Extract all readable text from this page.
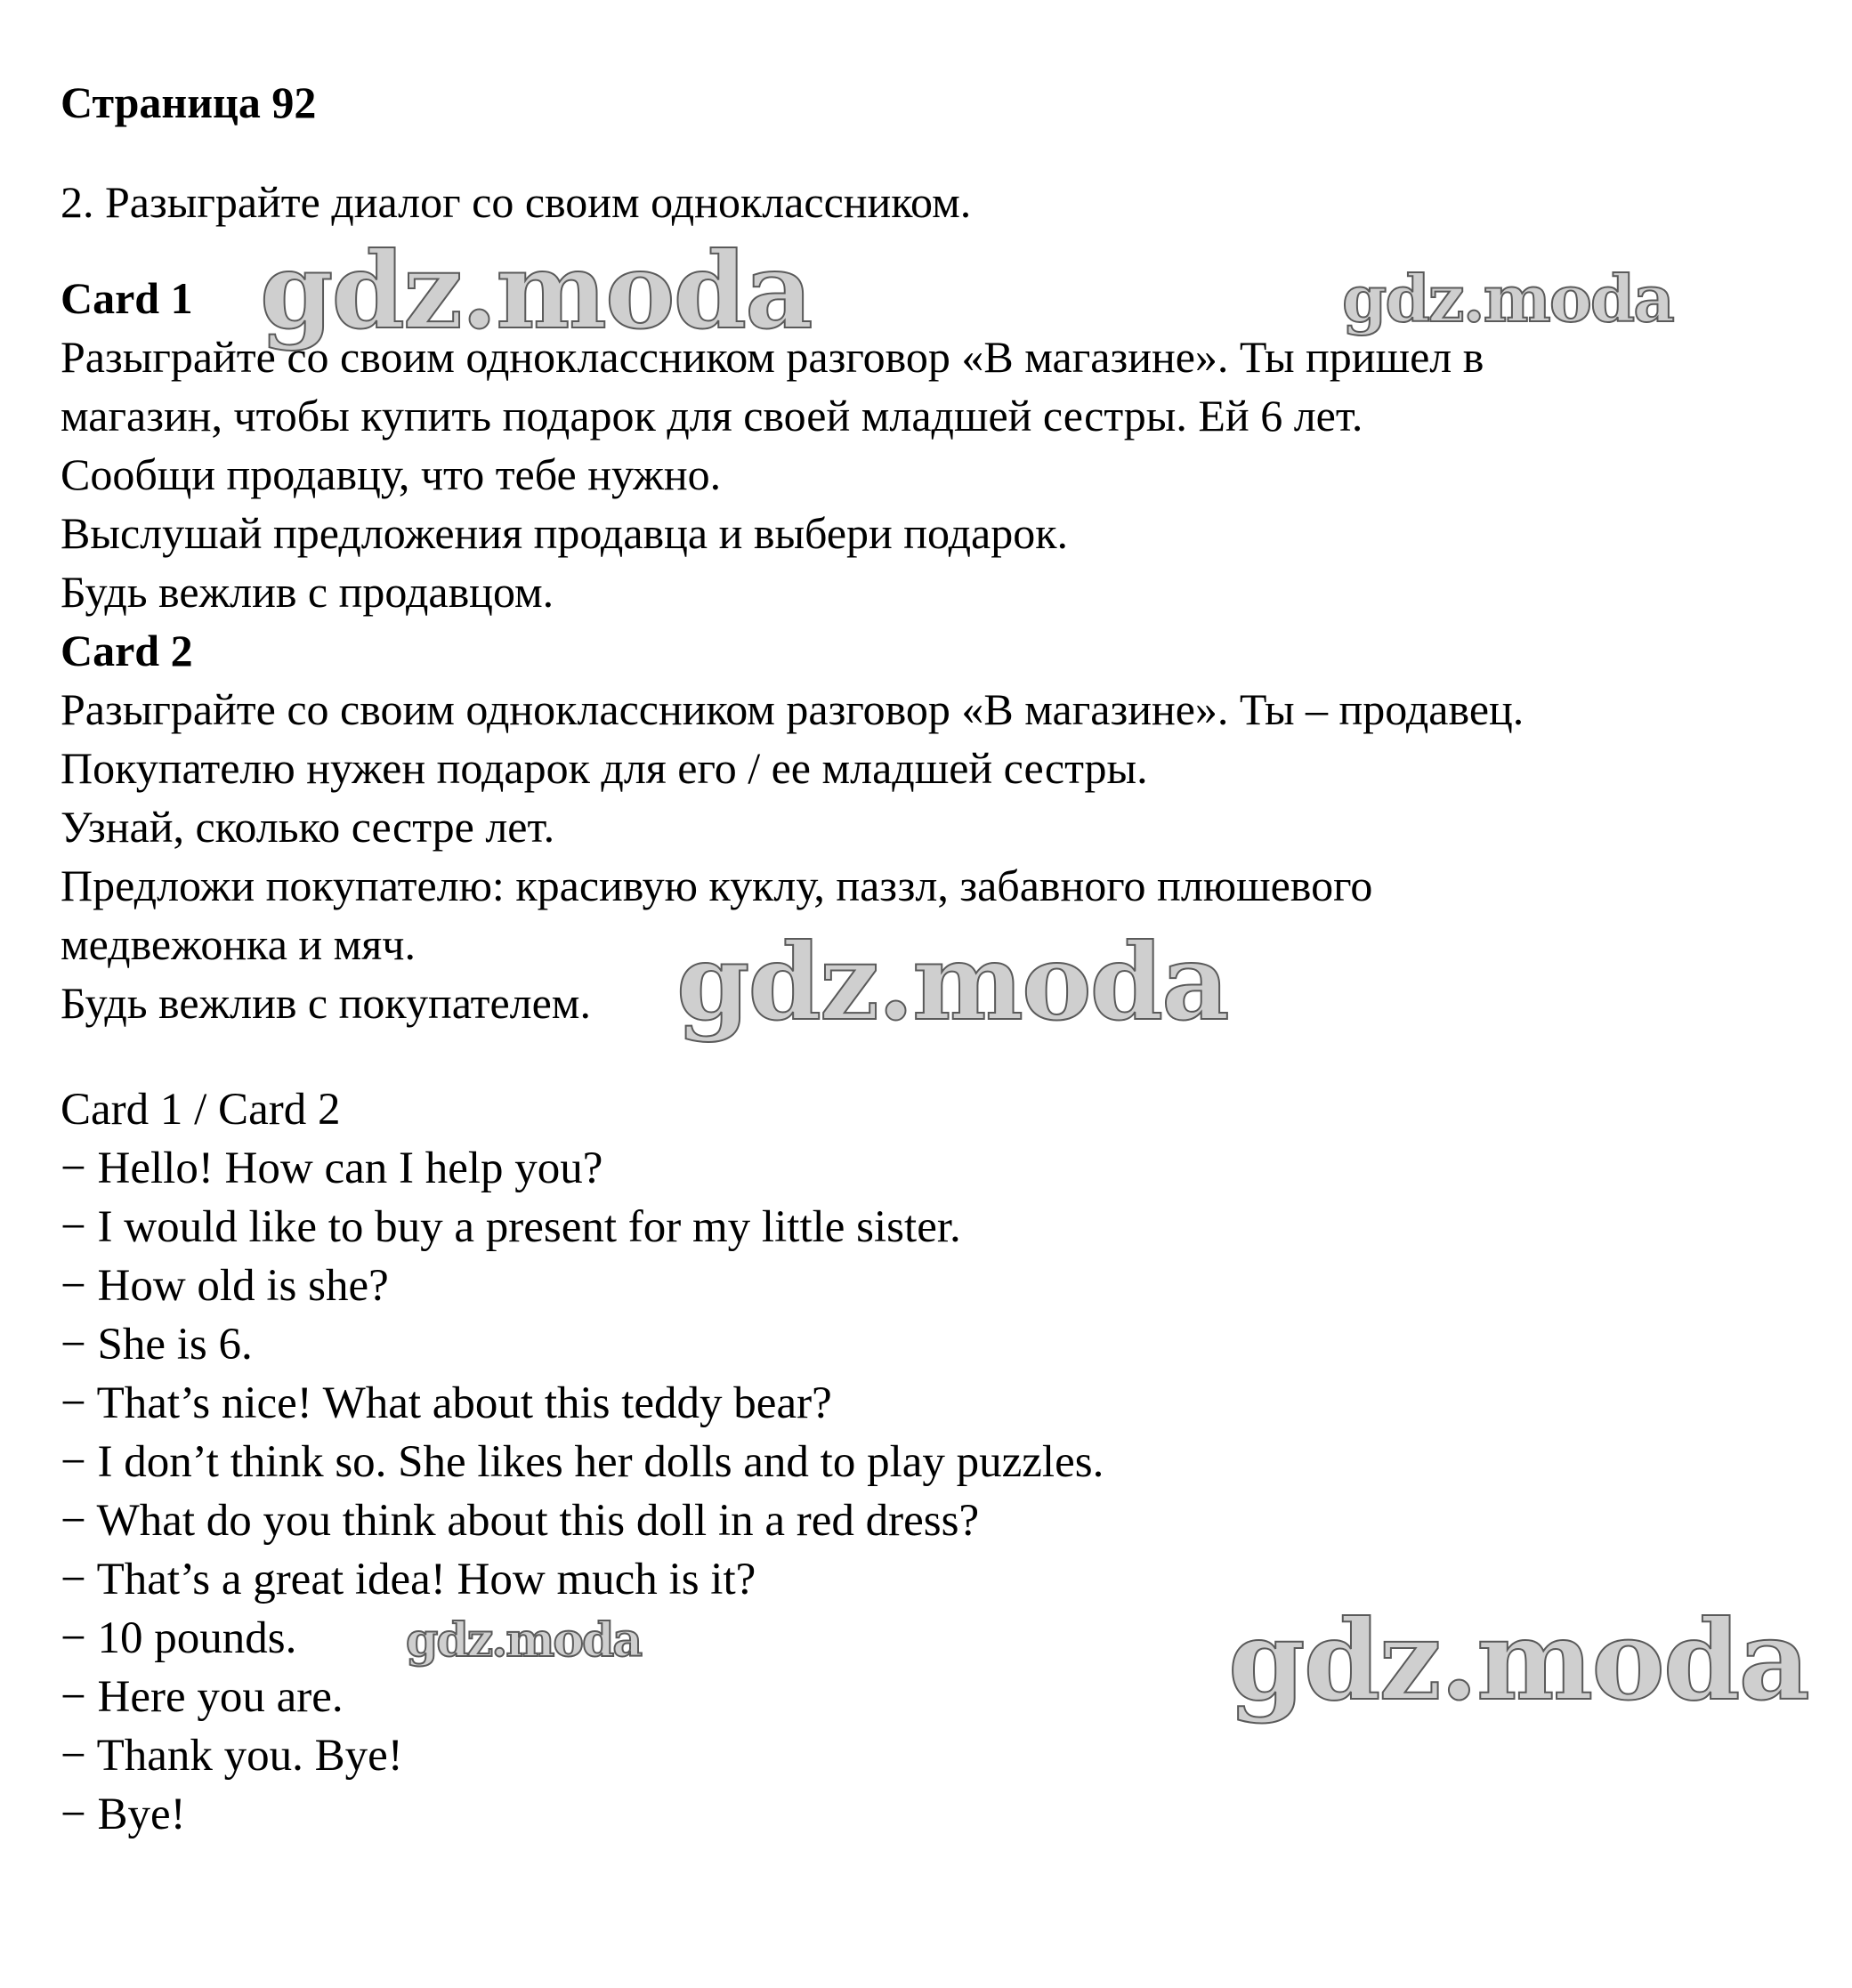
Страница 92
2. Разыграйте диалог со своим одноклассником.
Card 1
Разыграйте со своим одноклассником разговор «В магазине». Ты пришел в
магазин, чтобы купить подарок для своей младшей сестры. Ей 6 лет.
Сообщи продавцу, что тебе нужно.
Выслушай предложения продавца и выбери подарок.
Будь вежлив с продавцом.
Card 2
Разыграйте со своим одноклассником разговор «В магазине». Ты – продавец.
Покупателю нужен подарок для его / ее младшей сестры.
Узнай, сколько сестре лет.
Предложи покупателю: красивую куклу, паззл, забавного плюшевого
медвежонка и мяч.
Будь вежлив с покупателем.
Card 1 / Card 2
− Hello! How can I help you?
− I would like to buy a present for my little sister.
− How old is she?
− She is 6.
− That’s nice! What about this teddy bear?
− I don’t think so. She likes her dolls and to play puzzles.
− What do you think about this doll in a red dress?
− That’s a great idea! How much is it?
− 10 pounds.
− Here you are.
− Thank you. Bye!
− Bye!
gdz.moda	gdz.moda
gdz.moda
gdz.moda	gdz.moda
